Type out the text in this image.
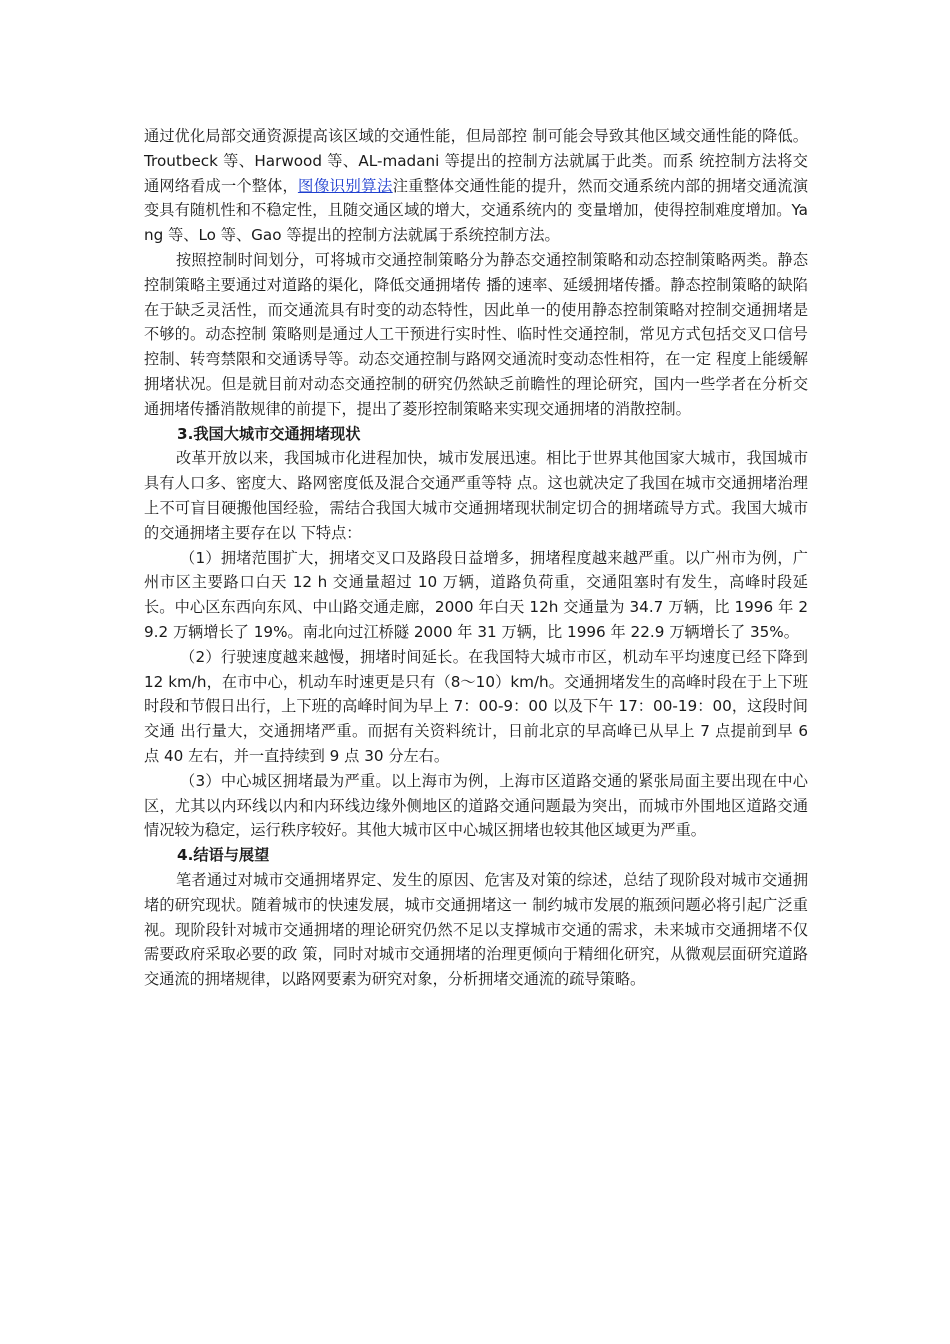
通过优化局部交通资源提高该区域的交通性能，但局部控 制可能会导致其他区域交通性能的降低。Troutbeck 等、Harwood 等、AL-madani 等提出的控制方法就属于此类。而系 统控制方法将交通网络看成一个整体，图像识别算法注重整体交通性能的提升，然而交通系统内部的拥堵交通流演变具有随机性和不稳定性，且随交通区域的增大，交通系统内的 变量增加，使得控制难度增加。Yang 等、Lo 等、Gao 等提出的控制方法就属于系统控制方法。

按照控制时间划分，可将城市交通控制策略分为静态交通控制策略和动态控制策略两类。静态控制策略主要通过对道路的渠化，降低交通拥堵传 播的速率、延缓拥堵传播。静态控制策略的缺陷在于缺乏灵活性，而交通流具有时变的动态特性，因此单一的使用静态控制策略对控制交通拥堵是不够的。动态控制 策略则是通过人工干预进行实时性、临时性交通控制，常见方式包括交叉口信号控制、转弯禁限和交通诱导等。动态交通控制与路网交通流时变动态性相符，在一定 程度上能缓解拥堵状况。但是就目前对动态交通控制的研究仍然缺乏前瞻性的理论研究，国内一些学者在分析交通拥堵传播消散规律的前提下，提出了菱形控制策略来实现交通拥堵的消散控制。

3.我国大城市交通拥堵现状

改革开放以来，我国城市化进程加快，城市发展迅速。相比于世界其他国家大城市，我国城市具有人口多、密度大、路网密度低及混合交通严重等特 点。这也就决定了我国在城市交通拥堵治理上不可盲目硬搬他国经验，需结合我国大城市交通拥堵现状制定切合的拥堵疏导方式。我国大城市的交通拥堵主要存在以 下特点：

（1）拥堵范围扩大，拥堵交叉口及路段日益增多，拥堵程度越来越严重。以广州市为例，广州市区主要路口白天 12 h 交通量超过 10 万辆，道路负荷重，交通阻塞时有发生，高峰时段延长。中心区东西向东风、中山路交通走廊，2000 年白天 12h 交通量为 34.7 万辆，比 1996 年 29.2 万辆增长了 19%。南北向过江桥隧 2000 年 31 万辆，比 1996 年 22.9 万辆增长了 35%。

（2）行驶速度越来越慢，拥堵时间延长。在我国特大城市市区，机动车平均速度已经下降到 12 km/h，在市中心，机动车时速更是只有（8～10）km/h。交通拥堵发生的高峰时段在于上下班时段和节假日出行，上下班的高峰时间为早上 7：00-9：00 以及下午 17：00-19：00，这段时间交通 出行量大，交通拥堵严重。而据有关资料统计，日前北京的早高峰已从早上 7 点提前到早 6 点 40 左右，并一直持续到 9 点 30 分左右。

（3）中心城区拥堵最为严重。以上海市为例，上海市区道路交通的紧张局面主要出现在中心区，尤其以内环线以内和内环线边缘外侧地区的道路交通问题最为突出，而城市外围地区道路交通情况较为稳定，运行秩序较好。其他大城市区中心城区拥堵也较其他区域更为严重。

4.结语与展望

笔者通过对城市交通拥堵界定、发生的原因、危害及对策的综述，总结了现阶段对城市交通拥堵的研究现状。随着城市的快速发展，城市交通拥堵这一 制约城市发展的瓶颈问题必将引起广泛重视。现阶段针对城市交通拥堵的理论研究仍然不足以支撑城市交通的需求，未来城市交通拥堵不仅需要政府采取必要的政 策，同时对城市交通拥堵的治理更倾向于精细化研究，从微观层面研究道路交通流的拥堵规律，以路网要素为研究对象，分析拥堵交通流的疏导策略。
